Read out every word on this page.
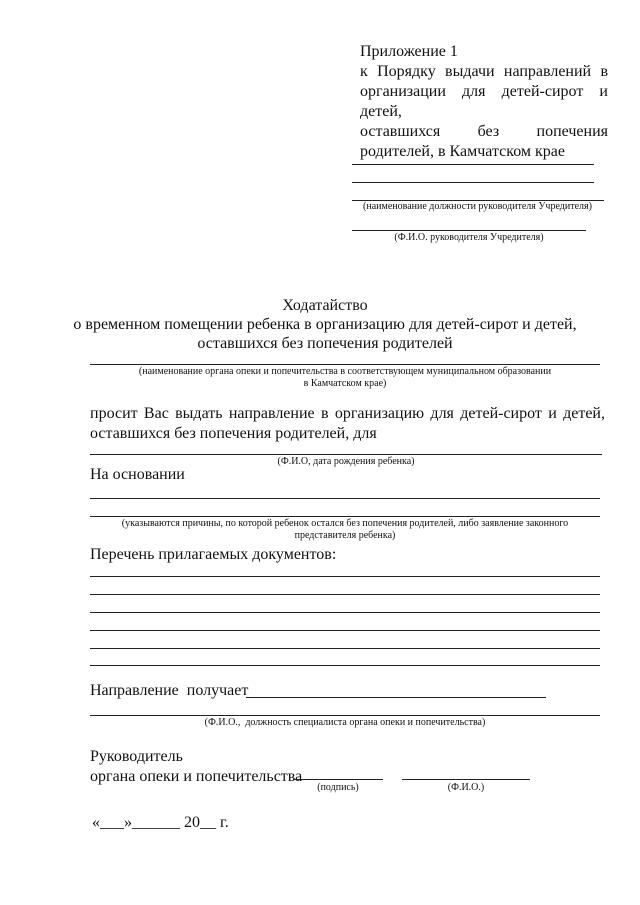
Приложение 1
к Порядку выдачи направлений в
организации для детей-сирот и детей,
оставшихся без попечения
родителей, в Камчатском крае
(наименование должности руководителя Учредителя)
(Ф.И.О. руководителя Учредителя)
Ходатайство
о временном помещении ребенка в организацию для детей-сирот и детей,
оставшихся без попечения родителей
(наименование органа опеки и попечительства в соответствующем муниципальном образовании
в Камчатском крае)
просит Вас выдать направление в организацию для детей-сирот и детей,
оставшихся без попечения родителей, для
(Ф.И.О, дата рождения ребенка)
На основании
(указываются причины, по которой ребенок остался без попечения родителей, либо заявление законного
представителя ребенка)
Перечень прилагаемых документов:
Направление  получает
(Ф.И.О.,  должность специалиста органа опеки и попечительства)
Руководитель
органа опеки и попечительства
(подпись)	(Ф.И.О.)
«___»______ 20__ г.
